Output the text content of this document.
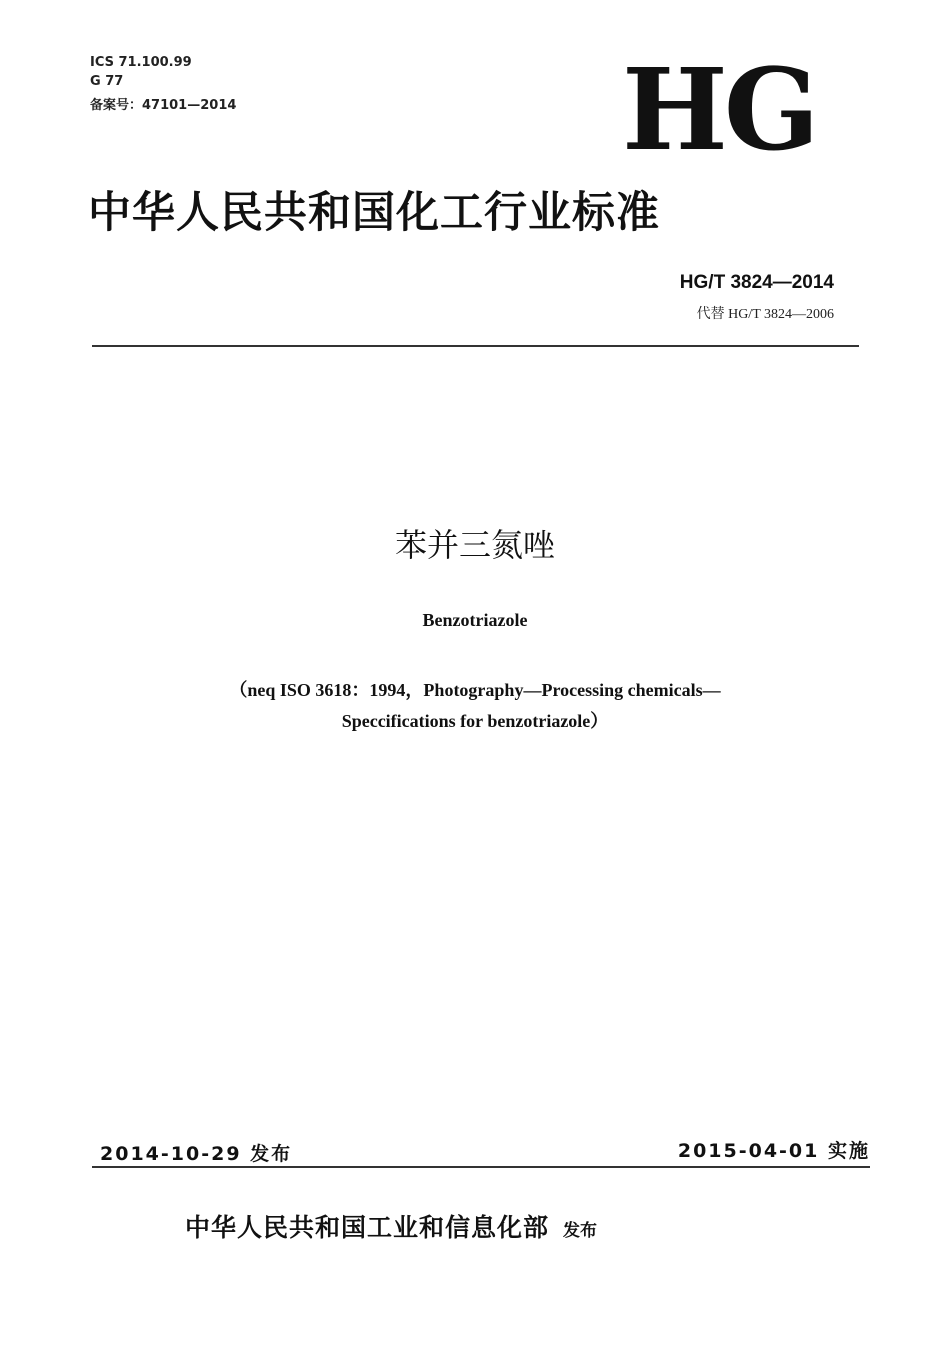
ICS 71.100.99
G 77
备案号：47101—2014	HG
中华人民共和国化工行业标准
HG/T 3824—2014
代替 HG/T 3824—2006
苯并三氮唑
Benzotriazole
（neq ISO 3618：1994，Photography—Processing chemicals—
Speccifications for benzotriazole）
2014-10-29 发布	2015-04-01 实施
中华人民共和国工业和信息化部 发布
